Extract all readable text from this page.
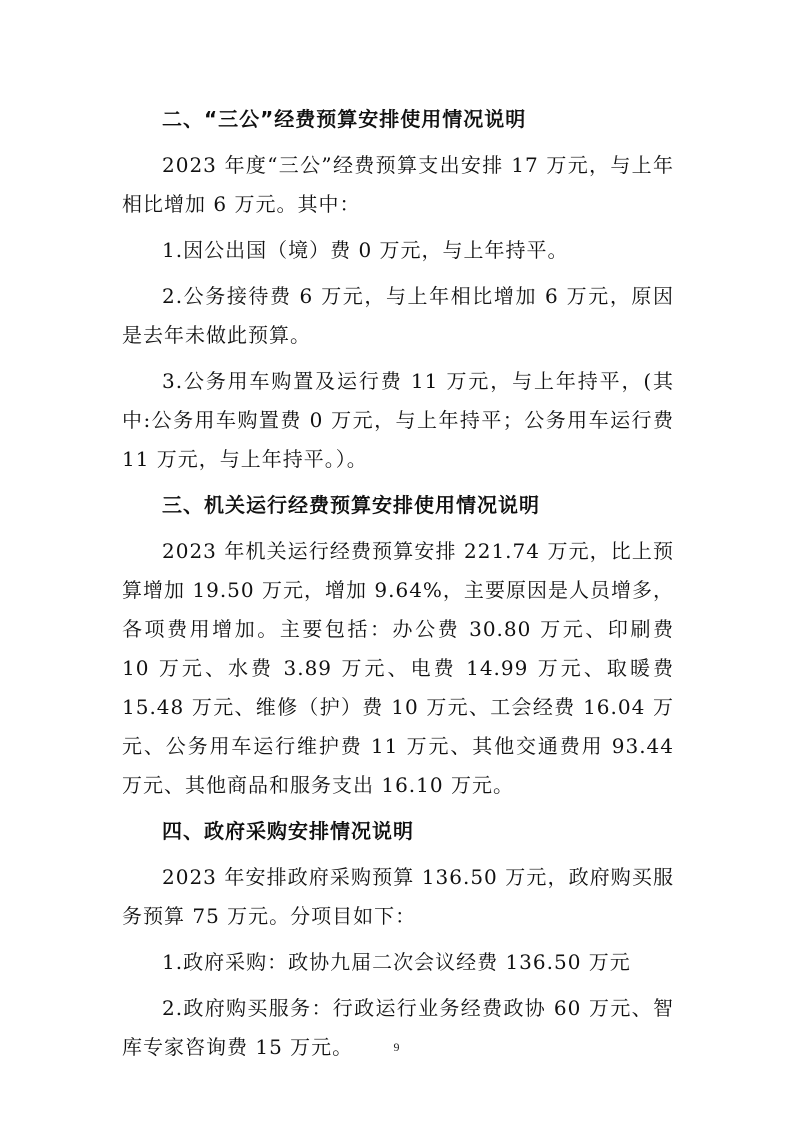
二、“三公”经费预算安排使用情况说明

2023 年度“三公”经费预算支出安排 17 万元，与上年相比增加 6 万元。其中：

1.因公出国（境）费 0 万元，与上年持平。

2.公务接待费 6 万元，与上年相比增加 6 万元，原因是去年未做此预算。

3.公务用车购置及运行费 11 万元，与上年持平，(其中:公务用车购置费 0 万元，与上年持平；公务用车运行费 11 万元，与上年持平。）。

三、机关运行经费预算安排使用情况说明

2023 年机关运行经费预算安排 221.74 万元，比上预算增加 19.50 万元，增加 9.64%，主要原因是人员增多，各项费用增加。主要包括：办公费 30.80 万元、印刷费 10 万元、水费 3.89 万元、电费 14.99 万元、取暖费 15.48 万元、维修（护）费 10 万元、工会经费 16.04 万元、公务用车运行维护费 11 万元、其他交通费用 93.44 万元、其他商品和服务支出 16.10 万元。

四、政府采购安排情况说明

2023 年安排政府采购预算 136.50 万元，政府购买服务预算 75 万元。分项目如下：

1.政府采购：政协九届二次会议经费 136.50 万元

2.政府购买服务：行政运行业务经费政协 60 万元、智库专家咨询费 15 万元。	9
